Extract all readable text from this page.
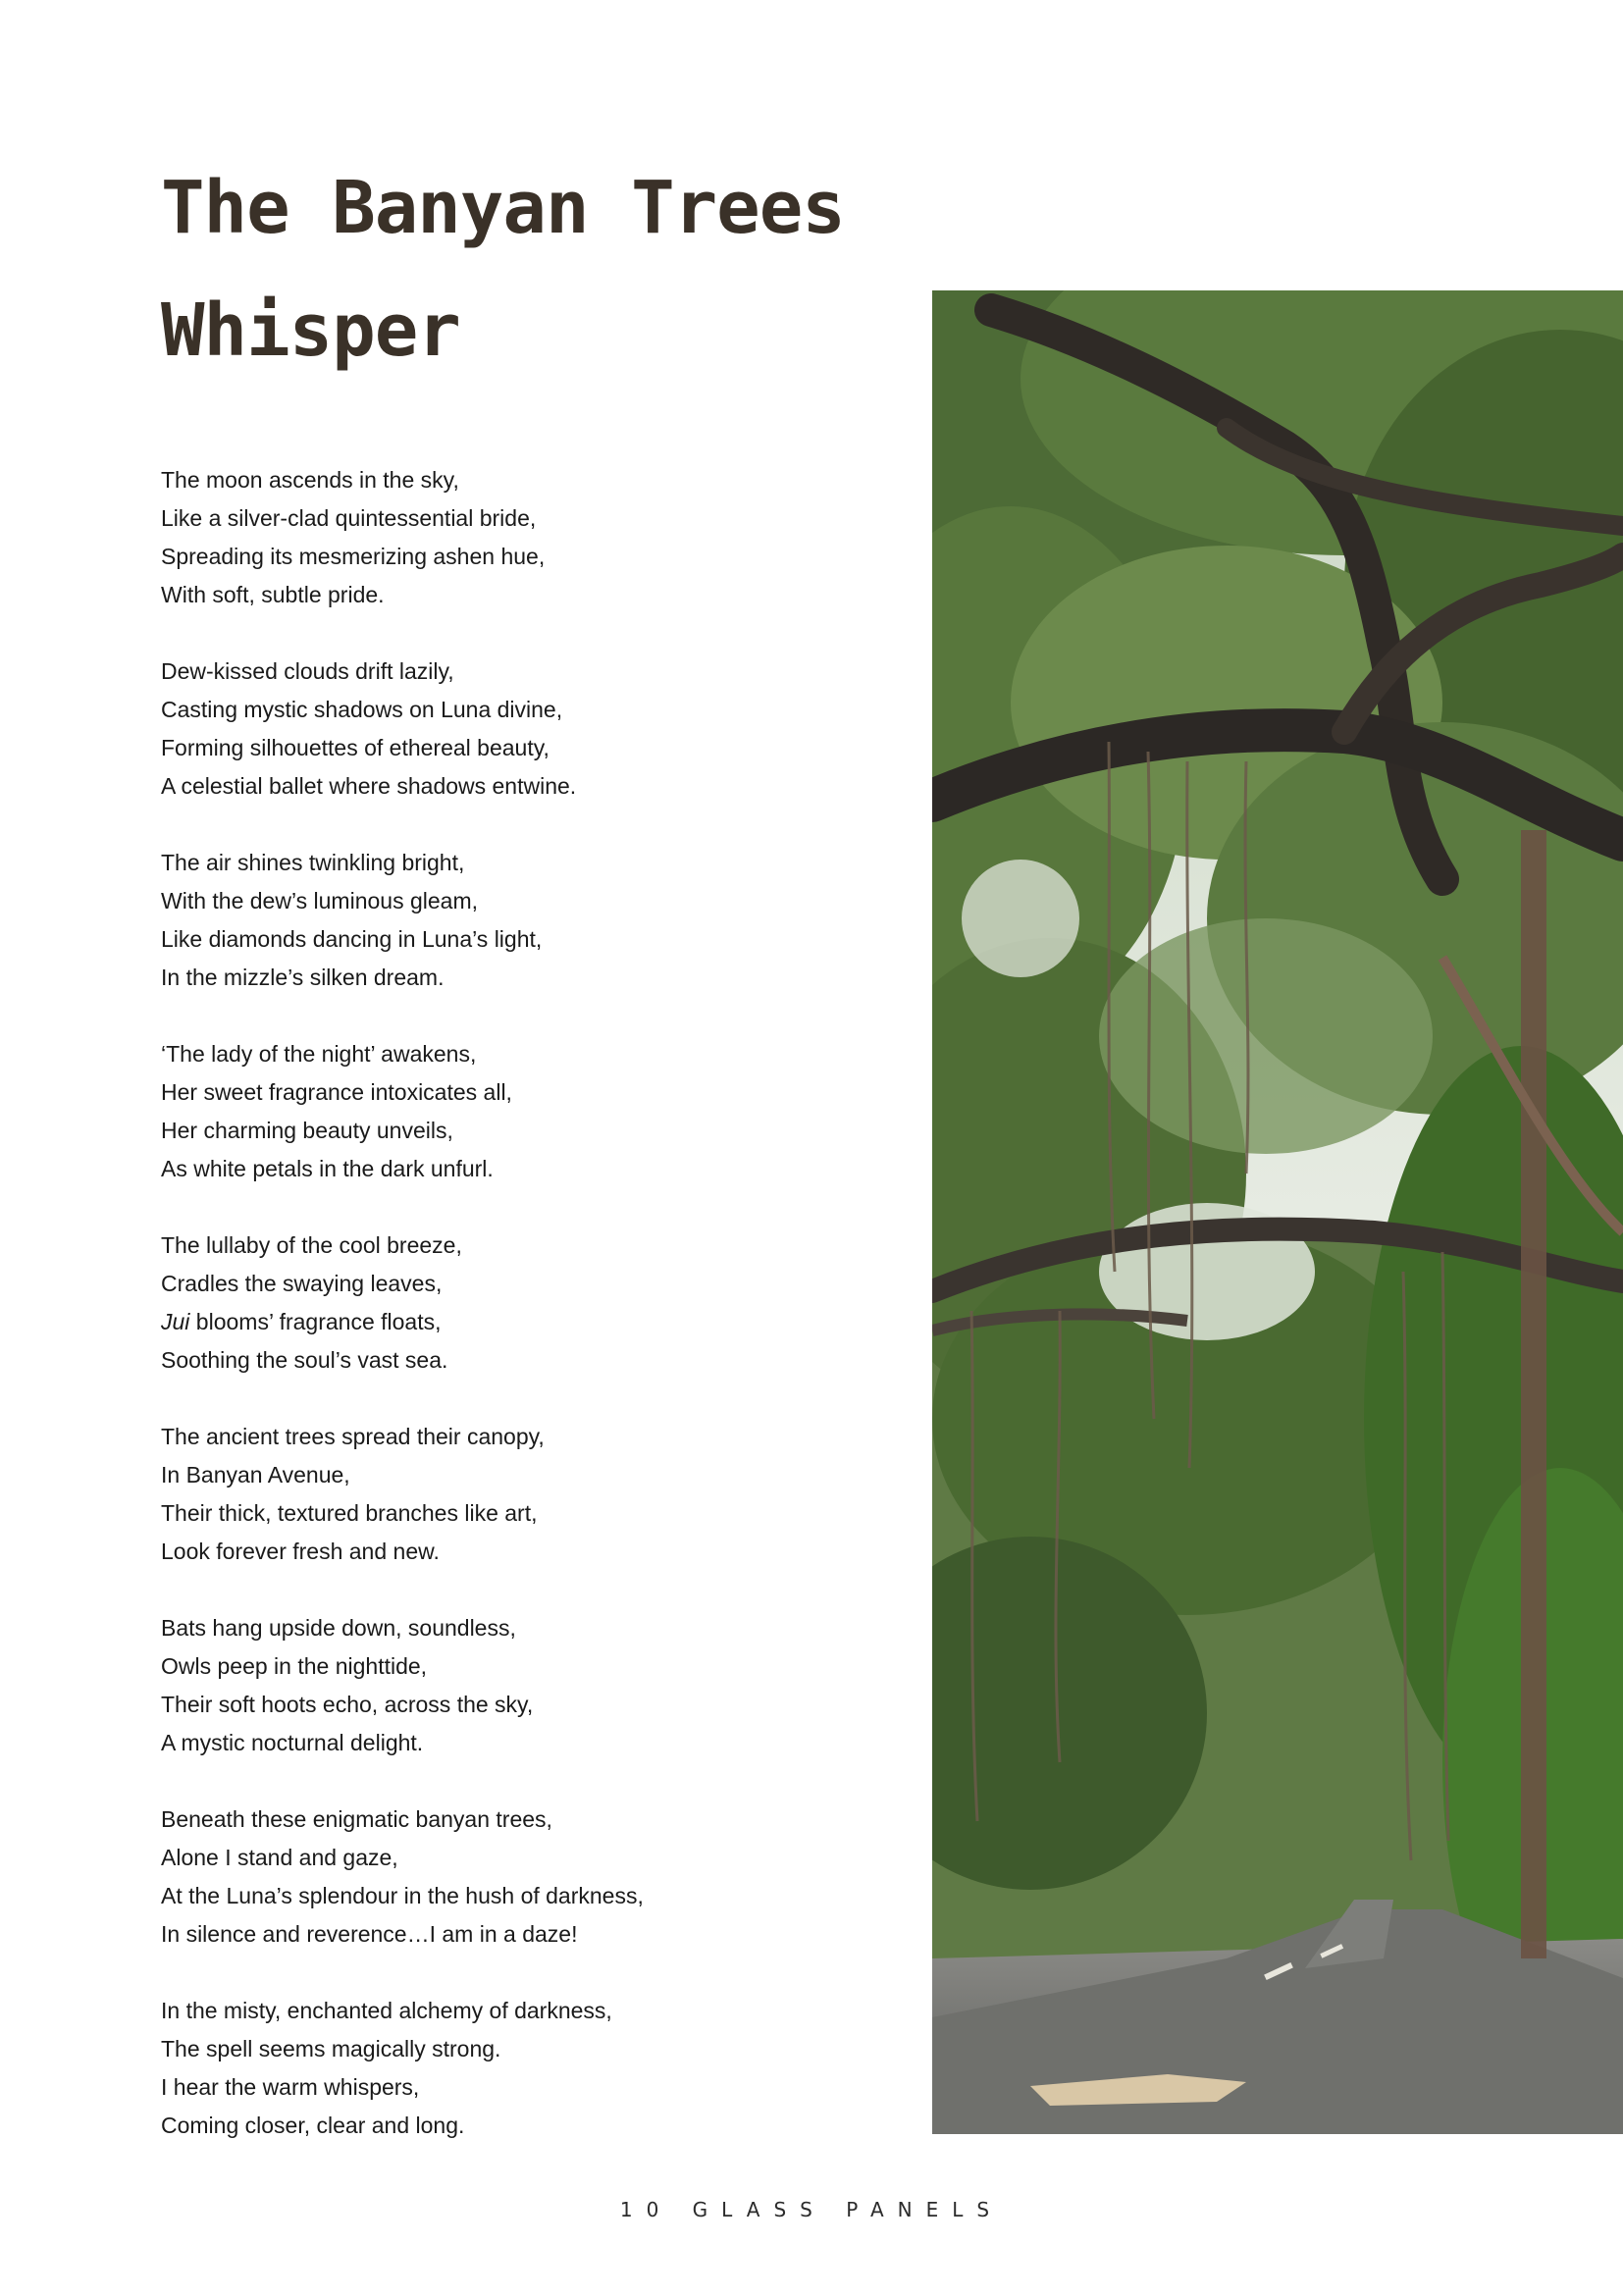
The Banyan Trees
Whisper
The moon ascends in the sky,
Like a silver-clad quintessential bride,
Spreading its mesmerizing ashen hue,
With soft, subtle pride.
Dew-kissed clouds drift lazily,
Casting mystic shadows on Luna divine,
Forming silhouettes of ethereal beauty,
A celestial ballet where shadows entwine.
The air shines twinkling bright,
With the dew’s luminous gleam,
Like diamonds dancing in Luna’s light,
In the mizzle’s silken dream.
‘The lady of the night’ awakens,
Her sweet fragrance intoxicates all,
Her charming beauty unveils,
As white petals in the dark unfurl.
The lullaby of the cool breeze,
Cradles the swaying leaves,
Jui blooms’ fragrance floats,
Soothing the soul’s vast sea.
The ancient trees spread their canopy,
In Banyan Avenue,
Their thick, textured branches like art,
Look forever fresh and new.
Bats hang upside down, soundless,
Owls peep in the nighttide,
Their soft hoots echo, across the sky,
A mystic nocturnal delight.
Beneath these enigmatic banyan trees,
Alone I stand and gaze,
At the Luna’s splendour in the hush of darkness,
In silence and reverence…I am in a daze!
In the misty, enchanted alchemy of darkness,
The spell seems magically strong.
I hear the warm whispers,
Coming closer, clear and long.
10 GLASS PANELS
